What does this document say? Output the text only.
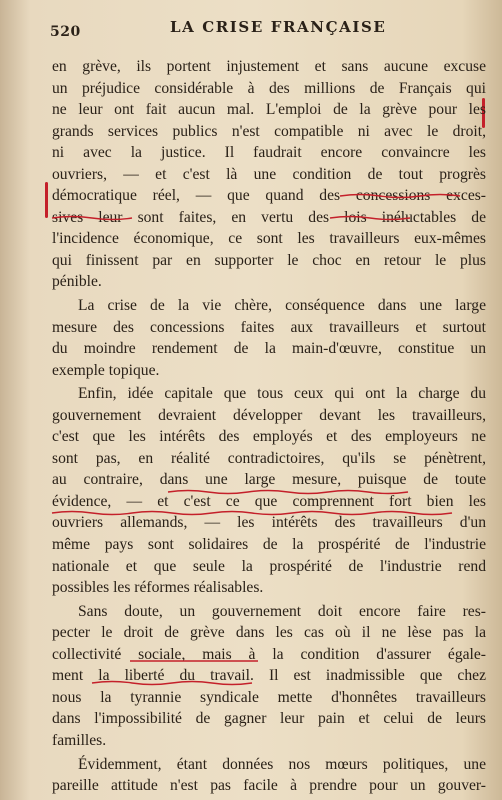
520	LA CRISE FRANÇAISE

en grève, ils portent injustement et sans aucune excuse
un préjudice considérable à des millions de Français qui
ne leur ont fait aucun mal. L'emploi de la grève pour les
grands services publics n'est compatible ni avec le droit,
ni avec la justice. Il faudrait encore convaincre les
ouvriers, — et c'est là une condition de tout progrès
démocratique réel, — que quand des concessions exces-
sives leur sont faites, en vertu des lois inéluctables de
l'incidence économique, ce sont les travailleurs eux-mêmes
qui finissent par en supporter le choc en retour le plus
pénible.

La crise de la vie chère, conséquence dans une large
mesure des concessions faites aux travailleurs et surtout
du moindre rendement de la main-d'œuvre, constitue un
exemple topique.

Enfin, idée capitale que tous ceux qui ont la charge du
gouvernement devraient développer devant les travailleurs,
c'est que les intérêts des employés et des employeurs ne
sont pas, en réalité contradictoires, qu'ils se pénètrent,
au contraire, dans une large mesure, puisque de toute
évidence, — et c'est ce que comprennent fort bien les
ouvriers allemands, — les intérêts des travailleurs d'un
même pays sont solidaires de la prospérité de l'industrie
nationale et que seule la prospérité de l'industrie rend
possibles les réformes réalisables.

Sans doute, un gouvernement doit encore faire res-
pecter le droit de grève dans les cas où il ne lèse pas la
collectivité sociale, mais à la condition d'assurer égale-
ment la liberté du travail. Il est inadmissible que chez
nous la tyrannie syndicale mette d'honnêtes travailleurs
dans l'impossibilité de gagner leur pain et celui de leurs
familles.

Évidemment, étant données nos mœurs politiques, une
pareille attitude n'est pas facile à prendre pour un gouver-
